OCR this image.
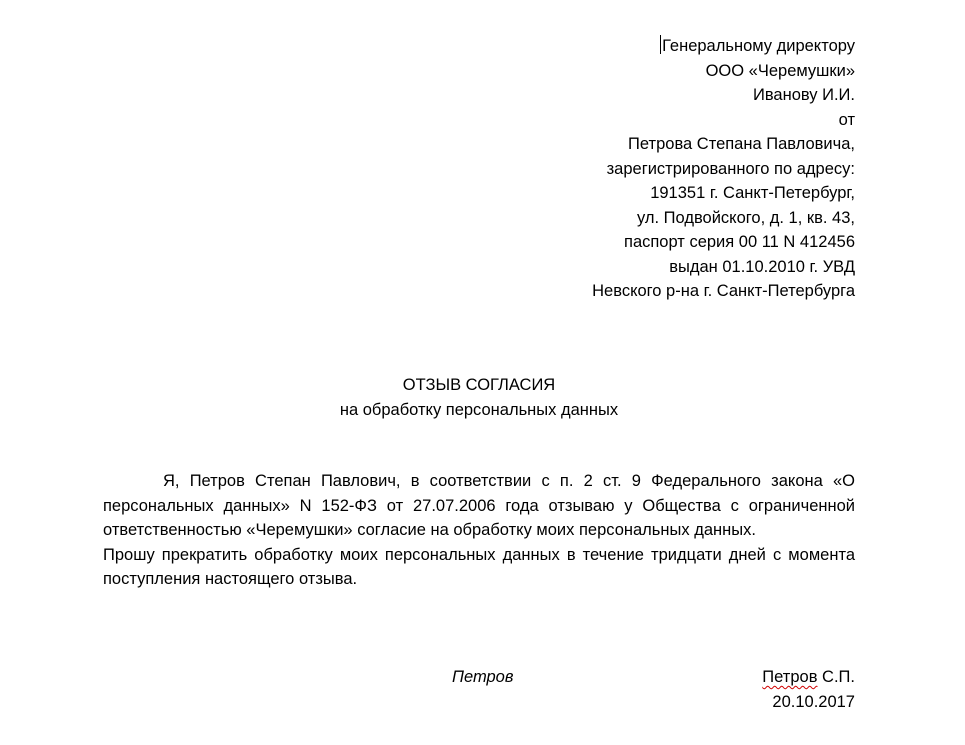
Генеральному директору
ООО «Черемушки»
Иванову И.И.
от
Петрова Степана Павловича,
зарегистрированного по адресу:
191351 г. Санкт-Петербург,
ул. Подвойского, д. 1, кв. 43,
паспорт серия 00 11 N 412456
выдан 01.10.2010 г. УВД
Невского р-на г. Санкт-Петербурга
ОТЗЫВ СОГЛАСИЯ
на обработку персональных данных

Я, Петров Степан Павлович, в соответствии с п. 2 ст. 9 Федерального закона «О персональных данных» N 152-ФЗ от 27.07.2006 года отзываю у Общества с ограниченной ответственностью «Черемушки» согласие на обработку моих персональных данных.

Прошу прекратить обработку моих персональных данных в течение тридцати дней с момента поступления настоящего отзыва.

Петров	Петров С.П.
20.10.2017
